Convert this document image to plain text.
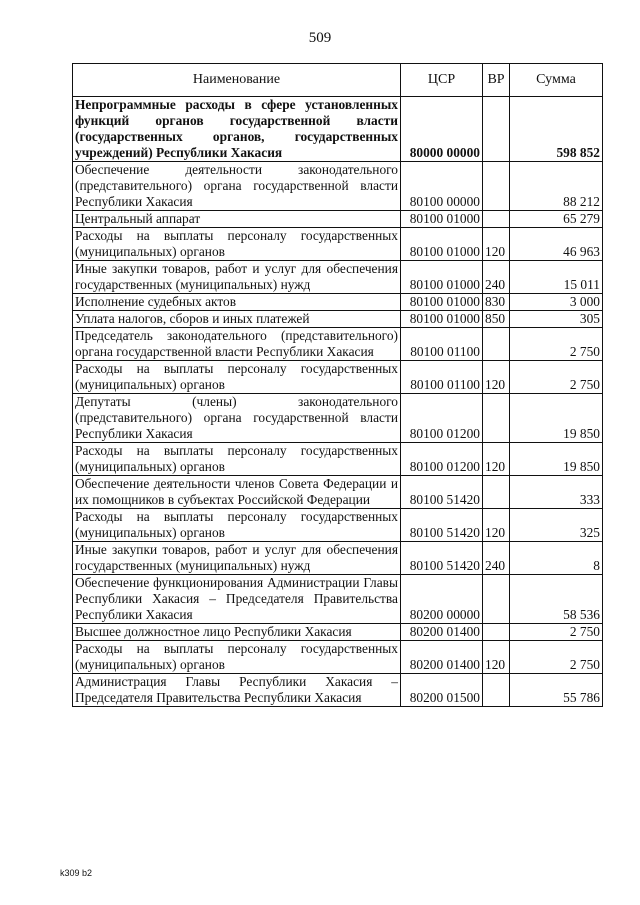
509
Наименование	ЦСР	ВР	Сумма
Непрограммные расходы в сфере установленных функций органов государственной власти (государственных органов, государственных учреждений) Республики Хакасия	80000 00000		598 852
Обеспечение деятельности законодательного (представительного) органа государственной власти Республики Хакасия	80100 00000		88 212
Центральный аппарат	80100 01000		65 279
Расходы на выплаты персоналу государственных (муниципальных) органов	80100 01000	120	46 963
Иные закупки товаров, работ и услуг для обеспечения государственных (муниципальных) нужд	80100 01000	240	15 011
Исполнение судебных актов	80100 01000	830	3 000
Уплата налогов, сборов и иных платежей	80100 01000	850	305
Председатель законодательного (представительного) органа государственной власти Республики Хакасия	80100 01100		2 750
Расходы на выплаты персоналу государственных (муниципальных) органов	80100 01100	120	2 750
Депутаты (члены) законодательного (представительного) органа государственной власти Республики Хакасия	80100 01200		19 850
Расходы на выплаты персоналу государственных (муниципальных) органов	80100 01200	120	19 850
Обеспечение деятельности членов Совета Федерации и их помощников в субъектах Российской Федерации	80100 51420		333
Расходы на выплаты персоналу государственных (муниципальных) органов	80100 51420	120	325
Иные закупки товаров, работ и услуг для обеспечения государственных (муниципальных) нужд	80100 51420	240	8
Обеспечение функционирования Администрации Главы Республики Хакасия – Председателя Правительства Республики Хакасия	80200 00000		58 536
Высшее должностное лицо Республики Хакасия	80200 01400		2 750
Расходы на выплаты персоналу государственных (муниципальных) органов	80200 01400	120	2 750
Администрация Главы Республики Хакасия – Председателя Правительства Республики Хакасия	80200 01500		55 786
k309 b2
